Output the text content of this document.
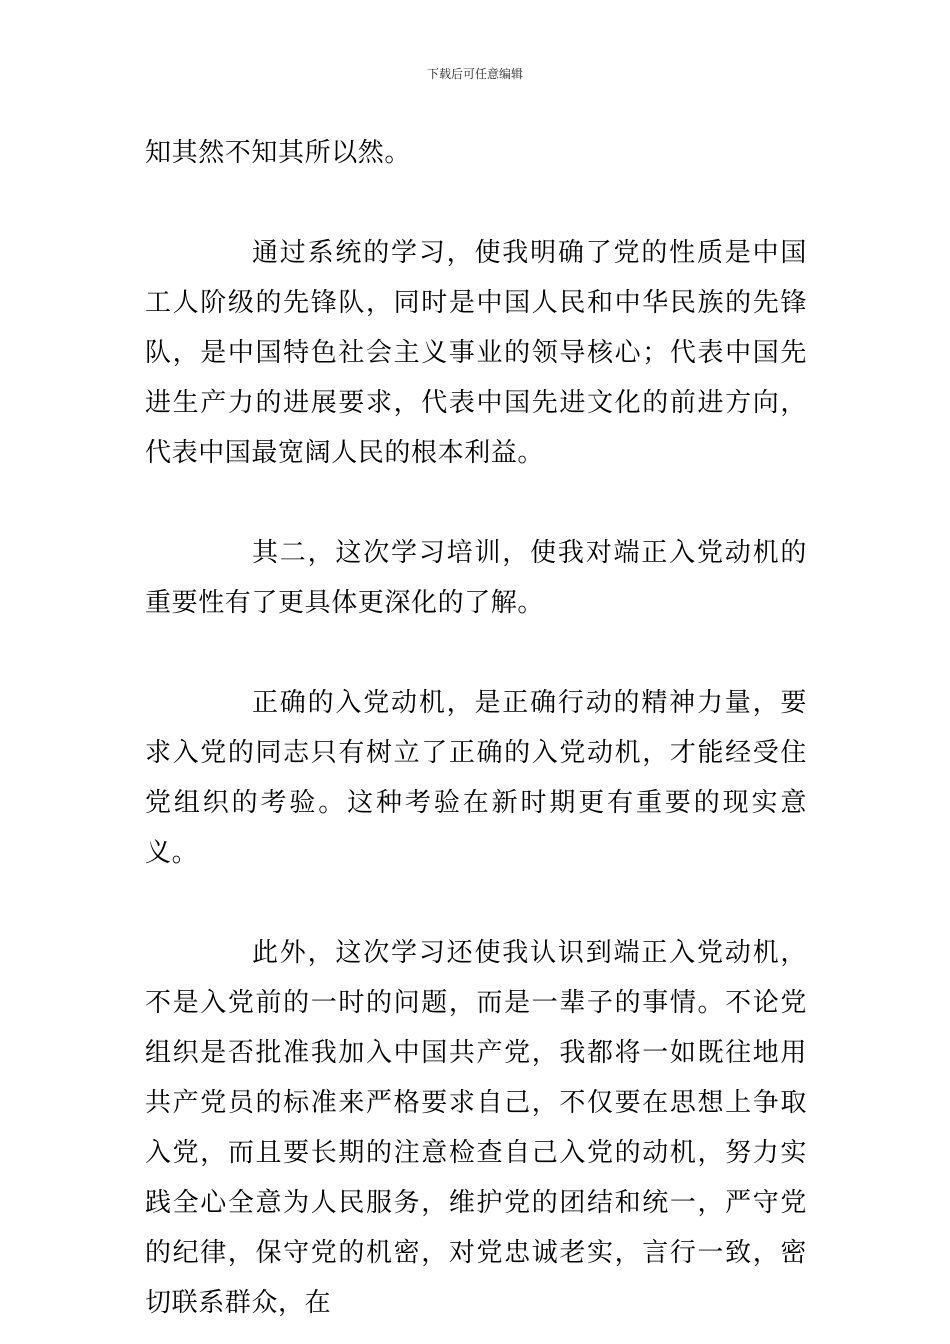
下载后可任意编辑

知其然不知其所以然。

通过系统的学习，使我明确了党的性质是中国工人阶级的先锋队，同时是中国人民和中华民族的先锋队，是中国特色社会主义事业的领导核心；代表中国先进生产力的进展要求，代表中国先进文化的前进方向，代表中国最宽阔人民的根本利益。

其二，这次学习培训，使我对端正入党动机的重要性有了更具体更深化的了解。

正确的入党动机，是正确行动的精神力量，要求入党的同志只有树立了正确的入党动机，才能经受住党组织的考验。这种考验在新时期更有重要的现实意义。

此外，这次学习还使我认识到端正入党动机，不是入党前的一时的问题，而是一辈子的事情。不论党组织是否批准我加入中国共产党，我都将一如既往地用共产党员的标准来严格要求自己，不仅要在思想上争取入党，而且要长期的注意检查自己入党的动机，努力实践全心全意为人民服务，维护党的团结和统一，严守党的纪律，保守党的机密，对党忠诚老实，言行一致，密切联系群众，在
